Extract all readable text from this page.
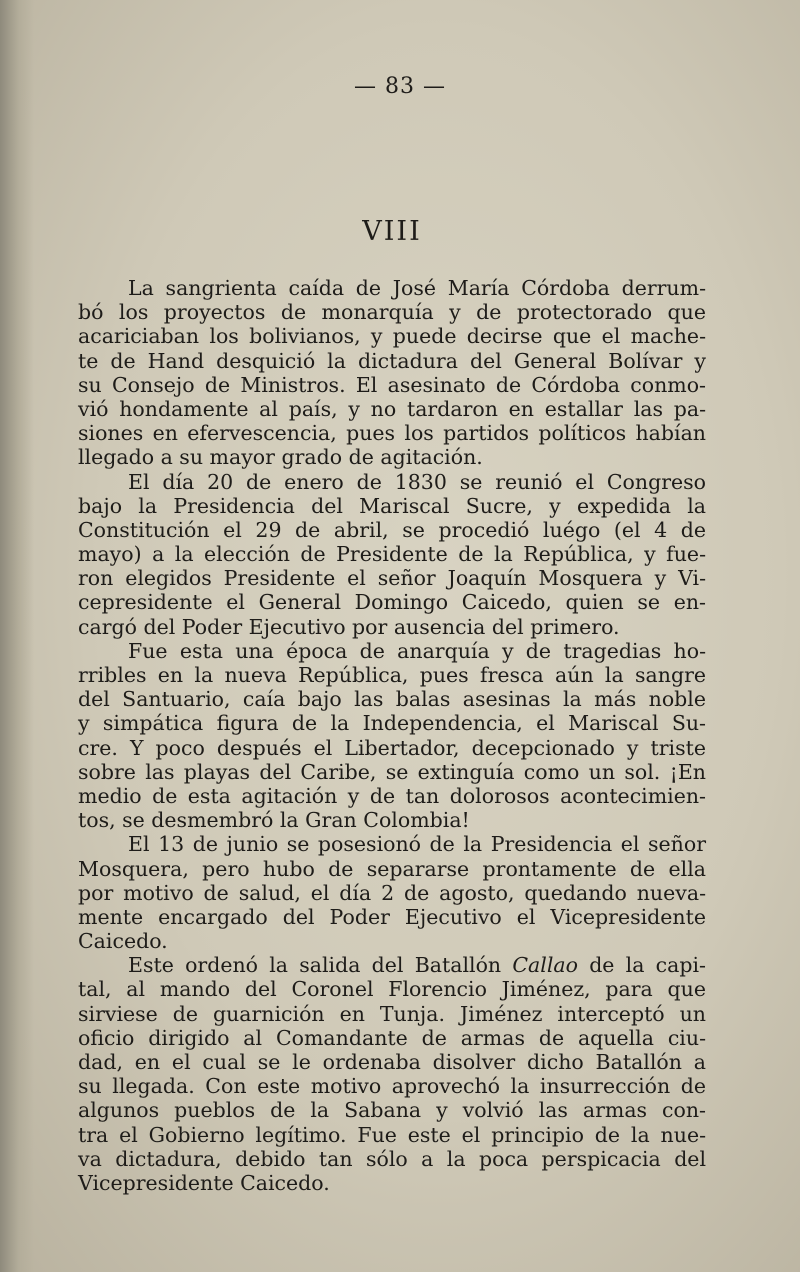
— 83 —
VIII
La sangrienta caída de José María Córdoba derrum-
bó los proyectos de monarquía y de protectorado que
acariciaban los bolivianos, y puede decirse que el mache-
te de Hand desquició la dictadura del General Bolívar y
su Consejo de Ministros. El asesinato de Córdoba conmo-
vió hondamente al país, y no tardaron en estallar las pa-
siones en efervescencia, pues los partidos políticos habían
llegado a su mayor grado de agitación.
El día 20 de enero de 1830 se reunió el Congreso
bajo la Presidencia del Mariscal Sucre, y expedida la
Constitución el 29 de abril, se procedió luégo (el 4 de
mayo) a la elección de Presidente de la República, y fue-
ron elegidos Presidente el señor Joaquín Mosquera y Vi-
cepresidente el General Domingo Caicedo, quien se en-
cargó del Poder Ejecutivo por ausencia del primero.
Fue esta una época de anarquía y de tragedias ho-
rribles en la nueva República, pues fresca aún la sangre
del Santuario, caía bajo las balas asesinas la más noble
y simpática figura de la Independencia, el Mariscal Su-
cre. Y poco después el Libertador, decepcionado y triste
sobre las playas del Caribe, se extinguía como un sol. ¡En
medio de esta agitación y de tan dolorosos acontecimien-
tos, se desmembró la Gran Colombia!
El 13 de junio se posesionó de la Presidencia el señor
Mosquera, pero hubo de separarse prontamente de ella
por motivo de salud, el día 2 de agosto, quedando nueva-
mente encargado del Poder Ejecutivo el Vicepresidente
Caicedo.
Este ordenó la salida del Batallón Callao de la capi-
tal, al mando del Coronel Florencio Jiménez, para que
sirviese de guarnición en Tunja. Jiménez interceptó un
oficio dirigido al Comandante de armas de aquella ciu-
dad, en el cual se le ordenaba disolver dicho Batallón a
su llegada. Con este motivo aprovechó la insurrección de
algunos pueblos de la Sabana y volvió las armas con-
tra el Gobierno legítimo. Fue este el principio de la nue-
va dictadura, debido tan sólo a la poca perspicacia del
Vicepresidente Caicedo.
